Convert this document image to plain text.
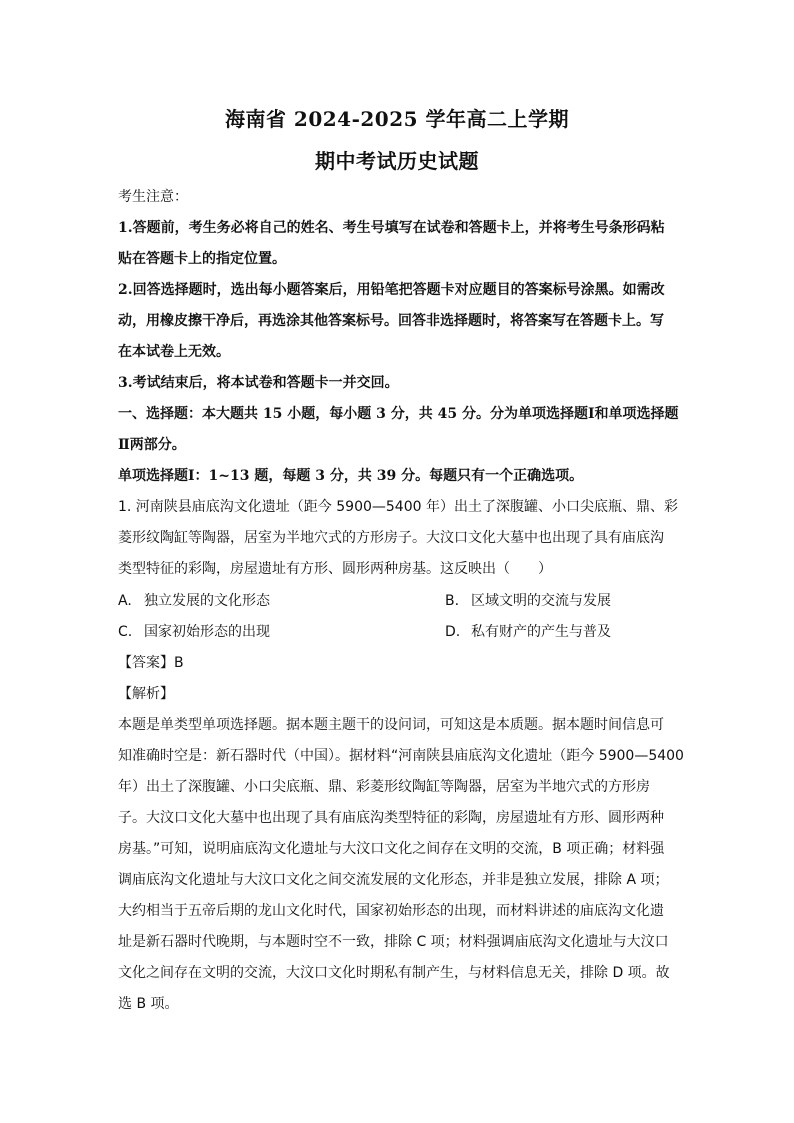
海南省 2024-2025 学年高二上学期
期中考试历史试题
考生注意：
1.答题前，考生务必将自己的姓名、考生号填写在试卷和答题卡上，并将考生号条形码粘
贴在答题卡上的指定位置。
2.回答选择题时，选出每小题答案后，用铅笔把答题卡对应题目的答案标号涂黑。如需改
动，用橡皮擦干净后，再选涂其他答案标号。回答非选择题时，将答案写在答题卡上。写
在本试卷上无效。
3.考试结束后，将本试卷和答题卡一并交回。
一、选择题：本大题共 15 小题，每小题 3 分，共 45 分。分为单项选择题Ⅰ和单项选择题
Ⅱ两部分。
单项选择题Ⅰ：1~13 题，每题 3 分，共 39 分。每题只有一个正确选项。
1. 河南陕县庙底沟文化遗址（距今 5900—5400 年）出土了深腹罐、小口尖底瓶、鼎、彩
菱形纹陶缸等陶器，居室为半地穴式的方形房子。大汶口文化大墓中也出现了具有庙底沟
类型特征的彩陶，房屋遗址有方形、圆形两种房基。这反映出（　　）
A. 独立发展的文化形态	B. 区域文明的交流与发展
C. 国家初始形态的出现	D. 私有财产的产生与普及
【答案】B
【解析】
本题是单类型单项选择题。据本题主题干的设问词，可知这是本质题。据本题时间信息可
知准确时空是：新石器时代（中国）。据材料“河南陕县庙底沟文化遗址（距今 5900—5400
年）出土了深腹罐、小口尖底瓶、鼎、彩菱形纹陶缸等陶器，居室为半地穴式的方形房
子。大汶口文化大墓中也出现了具有庙底沟类型特征的彩陶，房屋遗址有方形、圆形两种
房基。”可知，说明庙底沟文化遗址与大汶口文化之间存在文明的交流，B 项正确；材料强
调庙底沟文化遗址与大汶口文化之间交流发展的文化形态，并非是独立发展，排除 A 项；
大约相当于五帝后期的龙山文化时代，国家初始形态的出现，而材料讲述的庙底沟文化遗
址是新石器时代晚期，与本题时空不一致，排除 C 项；材料强调庙底沟文化遗址与大汶口
文化之间存在文明的交流，大汶口文化时期私有制产生，与材料信息无关，排除 D 项。故
选 B 项。
